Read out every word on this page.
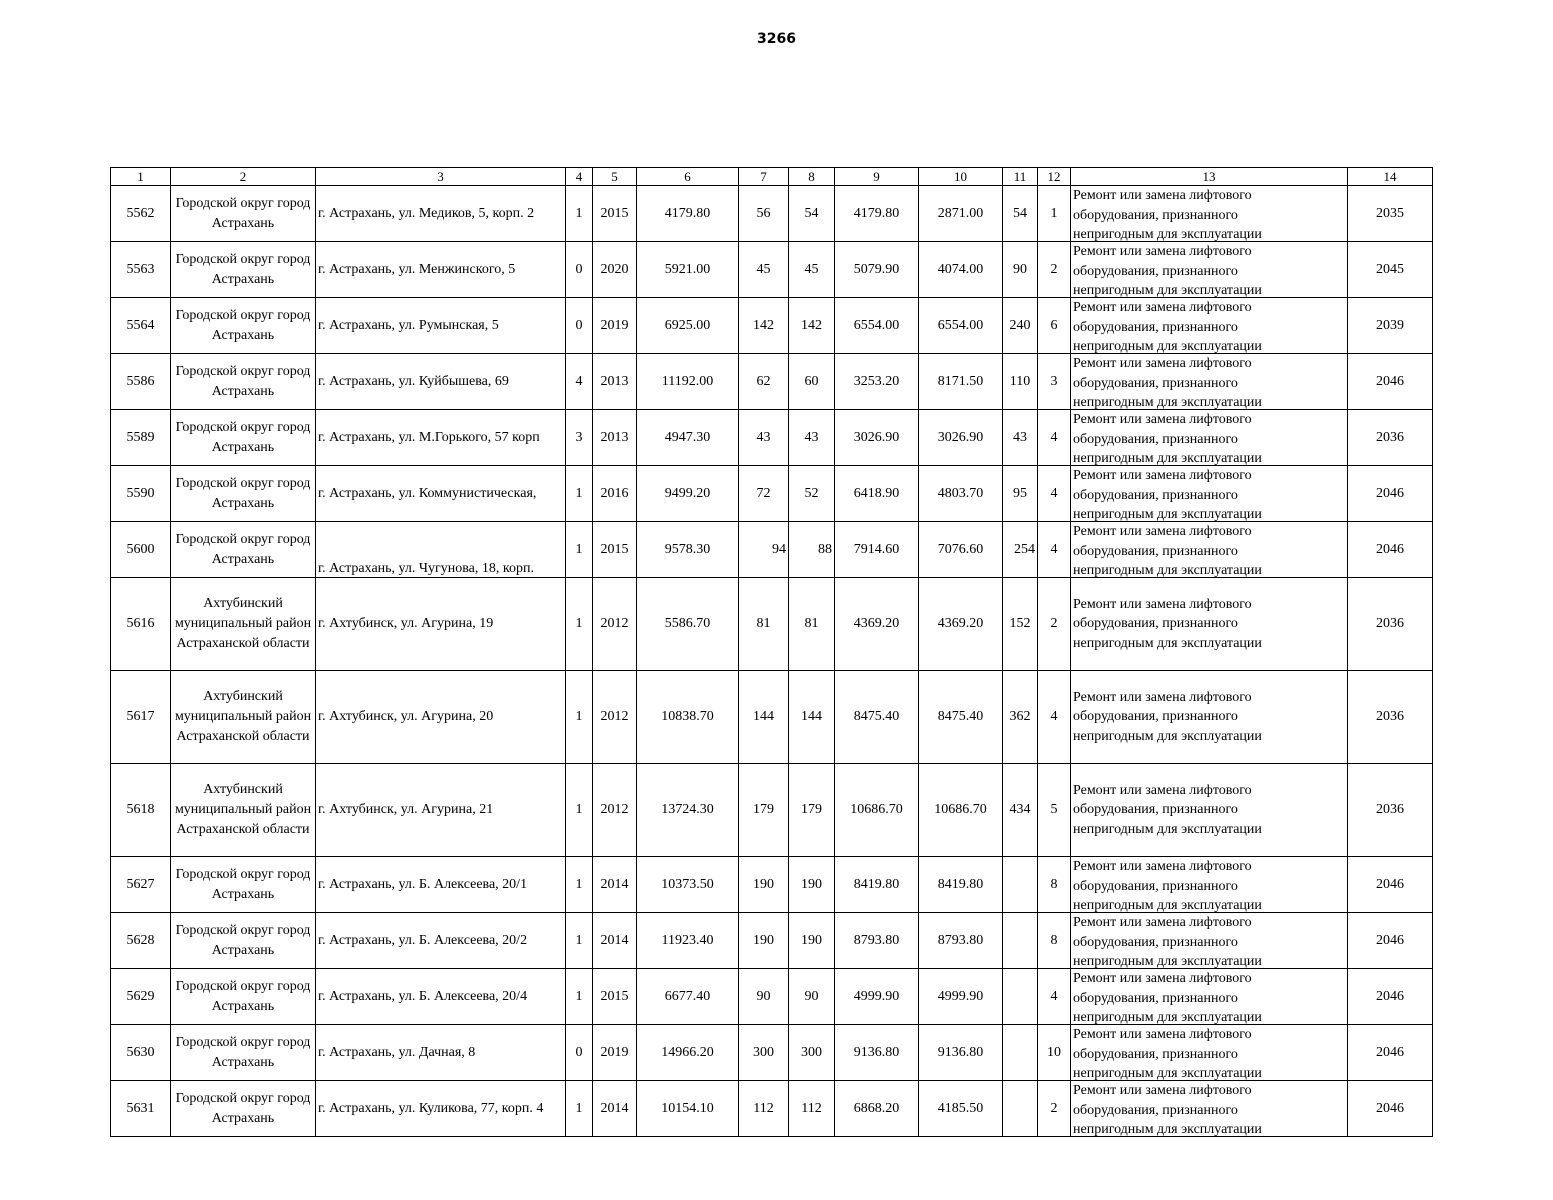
3266
1	2	3	4	5	6	7	8	9	10	11	12	13	14
5562	Городской округ город Астрахань	г. Астрахань, ул. Медиков, 5, корп. 2	1	2015	4179.80	56	54	4179.80	2871.00	54	1	Ремонт или замена лифтового
оборудования, признанного
непригодным для эксплуатации	2035
5563	Городской округ город Астрахань	г. Астрахань, ул. Менжинского, 5	0	2020	5921.00	45	45	5079.90	4074.00	90	2	Ремонт или замена лифтового
оборудования, признанного
непригодным для эксплуатации	2045
5564	Городской округ город Астрахань	г. Астрахань, ул. Румынская, 5	0	2019	6925.00	142	142	6554.00	6554.00	240	6	Ремонт или замена лифтового
оборудования, признанного
непригодным для эксплуатации	2039
5586	Городской округ город Астрахань	г. Астрахань, ул. Куйбышева, 69	4	2013	11192.00	62	60	3253.20	8171.50	110	3	Ремонт или замена лифтового
оборудования, признанного
непригодным для эксплуатации	2046
5589	Городской округ город Астрахань	г. Астрахань, ул. М.Горького, 57 корп	3	2013	4947.30	43	43	3026.90	3026.90	43	4	Ремонт или замена лифтового
оборудования, признанного
непригодным для эксплуатации	2036
5590	Городской округ город Астрахань	г. Астрахань, ул. Коммунистическая,	1	2016	9499.20	72	52	6418.90	4803.70	95	4	Ремонт или замена лифтового
оборудования, признанного
непригодным для эксплуатации	2046
5600	Городской округ город Астрахань	г. Астрахань, ул. Чугунова, 18, корп.	1	2015	9578.30	94	88	7914.60	7076.60	254	4	Ремонт или замена лифтового
оборудования, признанного
непригодным для эксплуатации	2046
5616	Ахтубинский муниципальный район Астраханской области	г. Ахтубинск, ул. Агурина, 19	1	2012	5586.70	81	81	4369.20	4369.20	152	2	Ремонт или замена лифтового
оборудования, признанного
непригодным для эксплуатации	2036
5617	Ахтубинский муниципальный район Астраханской области	г. Ахтубинск, ул. Агурина, 20	1	2012	10838.70	144	144	8475.40	8475.40	362	4	Ремонт или замена лифтового
оборудования, признанного
непригодным для эксплуатации	2036
5618	Ахтубинский муниципальный район Астраханской области	г. Ахтубинск, ул. Агурина, 21	1	2012	13724.30	179	179	10686.70	10686.70	434	5	Ремонт или замена лифтового
оборудования, признанного
непригодным для эксплуатации	2036
5627	Городской округ город Астрахань	г. Астрахань, ул. Б. Алексеева, 20/1	1	2014	10373.50	190	190	8419.80	8419.80		8	Ремонт или замена лифтового
оборудования, признанного
непригодным для эксплуатации	2046
5628	Городской округ город Астрахань	г. Астрахань, ул. Б. Алексеева, 20/2	1	2014	11923.40	190	190	8793.80	8793.80		8	Ремонт или замена лифтового
оборудования, признанного
непригодным для эксплуатации	2046
5629	Городской округ город Астрахань	г. Астрахань, ул. Б. Алексеева, 20/4	1	2015	6677.40	90	90	4999.90	4999.90		4	Ремонт или замена лифтового
оборудования, признанного
непригодным для эксплуатации	2046
5630	Городской округ город Астрахань	г. Астрахань, ул. Дачная, 8	0	2019	14966.20	300	300	9136.80	9136.80		10	Ремонт или замена лифтового
оборудования, признанного
непригодным для эксплуатации	2046
5631	Городской округ город Астрахань	г. Астрахань, ул. Куликова, 77, корп. 4	1	2014	10154.10	112	112	6868.20	4185.50		2	Ремонт или замена лифтового
оборудования, признанного
непригодным для эксплуатации	2046
